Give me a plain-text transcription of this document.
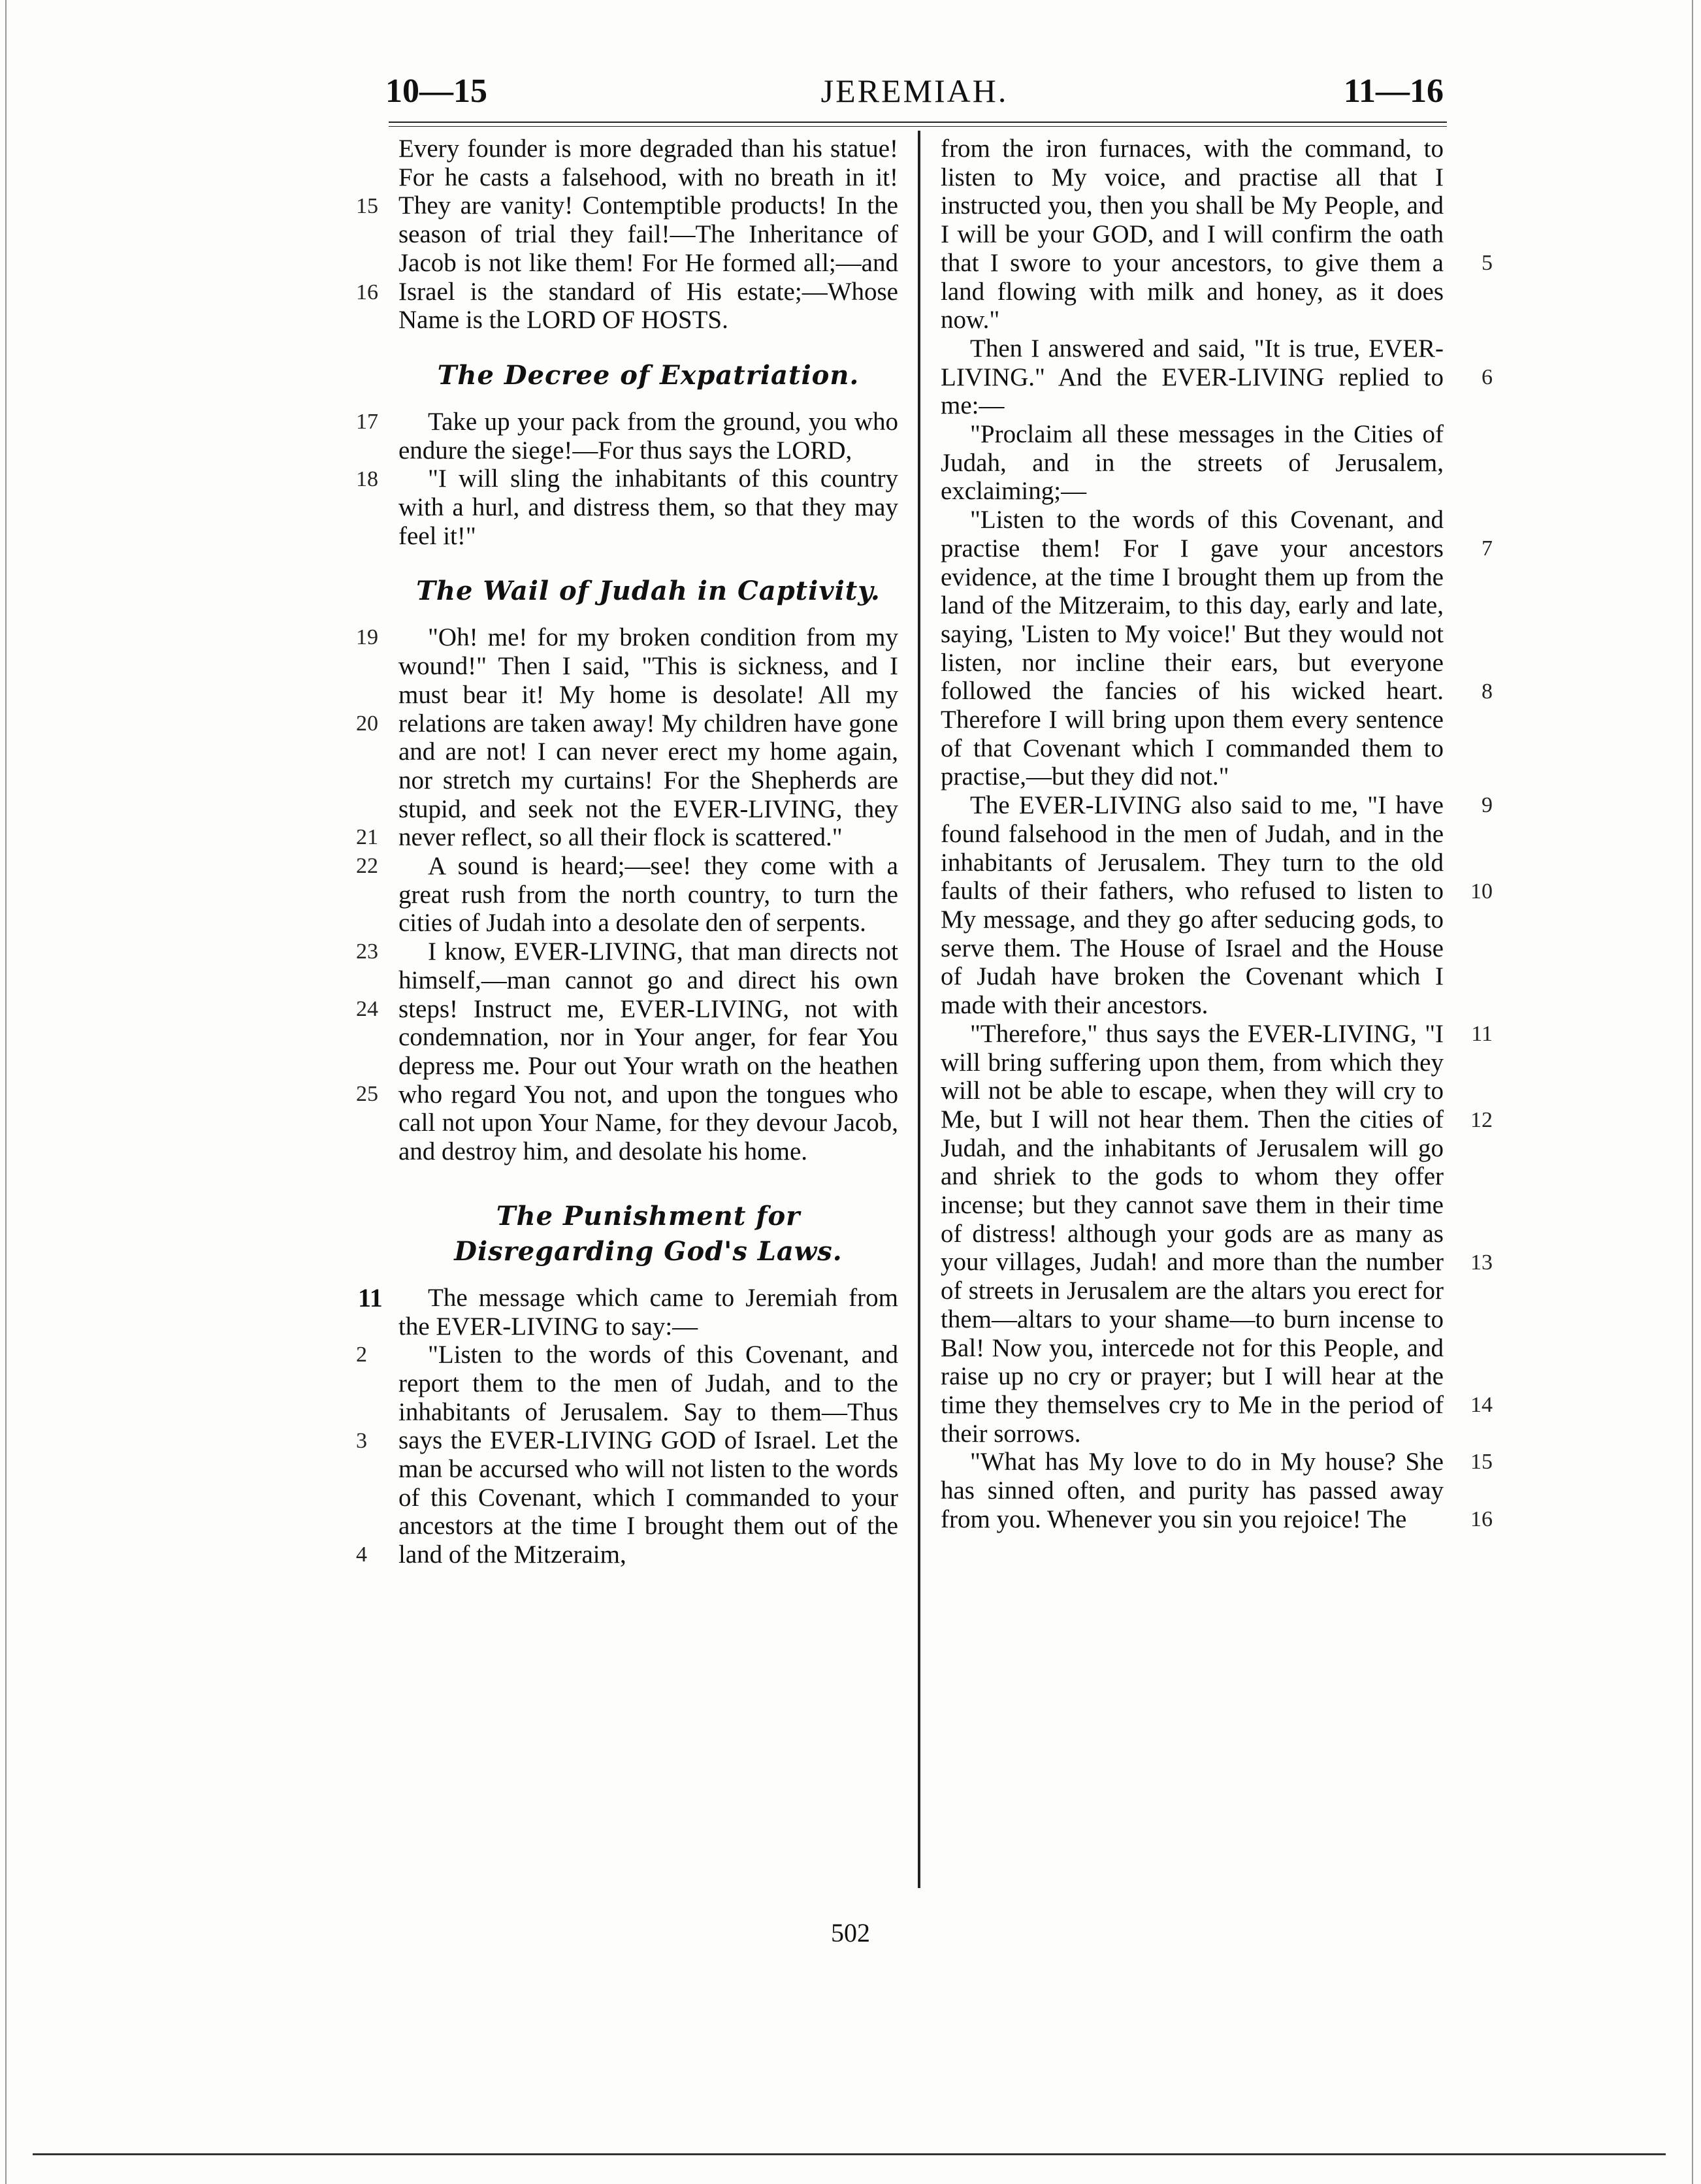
10—15	JEREMIAH.	11—16

15
16
Every founder is more degraded than his statue! For he casts a falsehood, with no breath in it! They are vanity! Contemptible products! In the season of trial they fail!—The Inheritance of Jacob is not like them! For He formed all;—and Israel is the standard of His estate;—Whose Name is the LORD OF HOSTS.

The Decree of Expatriation.

17
18
Take up your pack from the ground, you who endure the siege!—For thus says the LORD,

"I will sling the inhabitants of this country with a hurl, and distress them, so that they may feel it!"

The Wail of Judah in Captivity.

19
20
21
"Oh! me! for my broken condition from my wound!" Then I said, "This is sickness, and I must bear it! My home is desolate! All my relations are taken away! My children have gone and are not! I can never erect my home again, nor stretch my curtains! For the Shepherds are stupid, and seek not the EVER-LIVING, they never reflect, so all their flock is scattered."

22 A sound is heard;—see! they come with a great rush from the north country, to turn the cities of Judah into a desolate den of serpents.

23
24
25
I know, EVER-LIVING, that man directs not himself,—man cannot go and direct his own steps! Instruct me, EVER-LIVING, not with condemnation, nor in Your anger, for fear You depress me. Pour out Your wrath on the heathen who regard You not, and upon the tongues who call not upon Your Name, for they devour Jacob, and destroy him, and desolate his home.

The Punishment for Disregarding God's Laws.

11 The message which came to Jeremiah from the EVER-LIVING to say:—

2
3
4
"Listen to the words of this Covenant, and report them to the men of Judah, and to the inhabitants of Jerusalem. Say to them—Thus says the EVER-LIVING GOD of Israel. Let the man be accursed who will not listen to the words of this Covenant, which I commanded to your ancestors at the time I brought them out of the land of the Mitzeraim,

5
from the iron furnaces, with the command, to listen to My voice, and practise all that I instructed you, then you shall be My People, and I will be your GOD, and I will confirm the oath that I swore to your ancestors, to give them a land flowing with milk and honey, as it does now."

6
Then I answered and said, "It is true, EVER-LIVING." And the EVER-LIVING replied to me:—

"Proclaim all these messages in the Cities of Judah, and in the streets of Jerusalem, exclaiming;—

7
8
"Listen to the words of this Covenant, and practise them! For I gave your ancestors evidence, at the time I brought them up from the land of the Mitzeraim, to this day, early and late, saying, 'Listen to My voice!' But they would not listen, nor incline their ears, but everyone followed the fancies of his wicked heart. Therefore I will bring upon them every sentence of that Covenant which I commanded them to practise,—but they did not."

9
10
The EVER-LIVING also said to me, "I have found falsehood in the men of Judah, and in the inhabitants of Jerusalem. They turn to the old faults of their fathers, who refused to listen to My message, and they go after seducing gods, to serve them. The House of Israel and the House of Judah have broken the Covenant which I made with their ancestors.

11
12
13
14
"Therefore," thus says the EVER-LIVING, "I will bring suffering upon them, from which they will not be able to escape, when they will cry to Me, but I will not hear them. Then the cities of Judah, and the inhabitants of Jerusalem will go and shriek to the gods to whom they offer incense; but they cannot save them in their time of distress! although your gods are as many as your villages, Judah! and more than the number of streets in Jerusalem are the altars you erect for them—altars to your shame—to burn incense to Bal! Now you, intercede not for this People, and raise up no cry or prayer; but I will hear at the time they themselves cry to Me in the period of their sorrows.

15
16
"What has My love to do in My house? She has sinned often, and purity has passed away from you. Whenever you sin you rejoice! The

502
